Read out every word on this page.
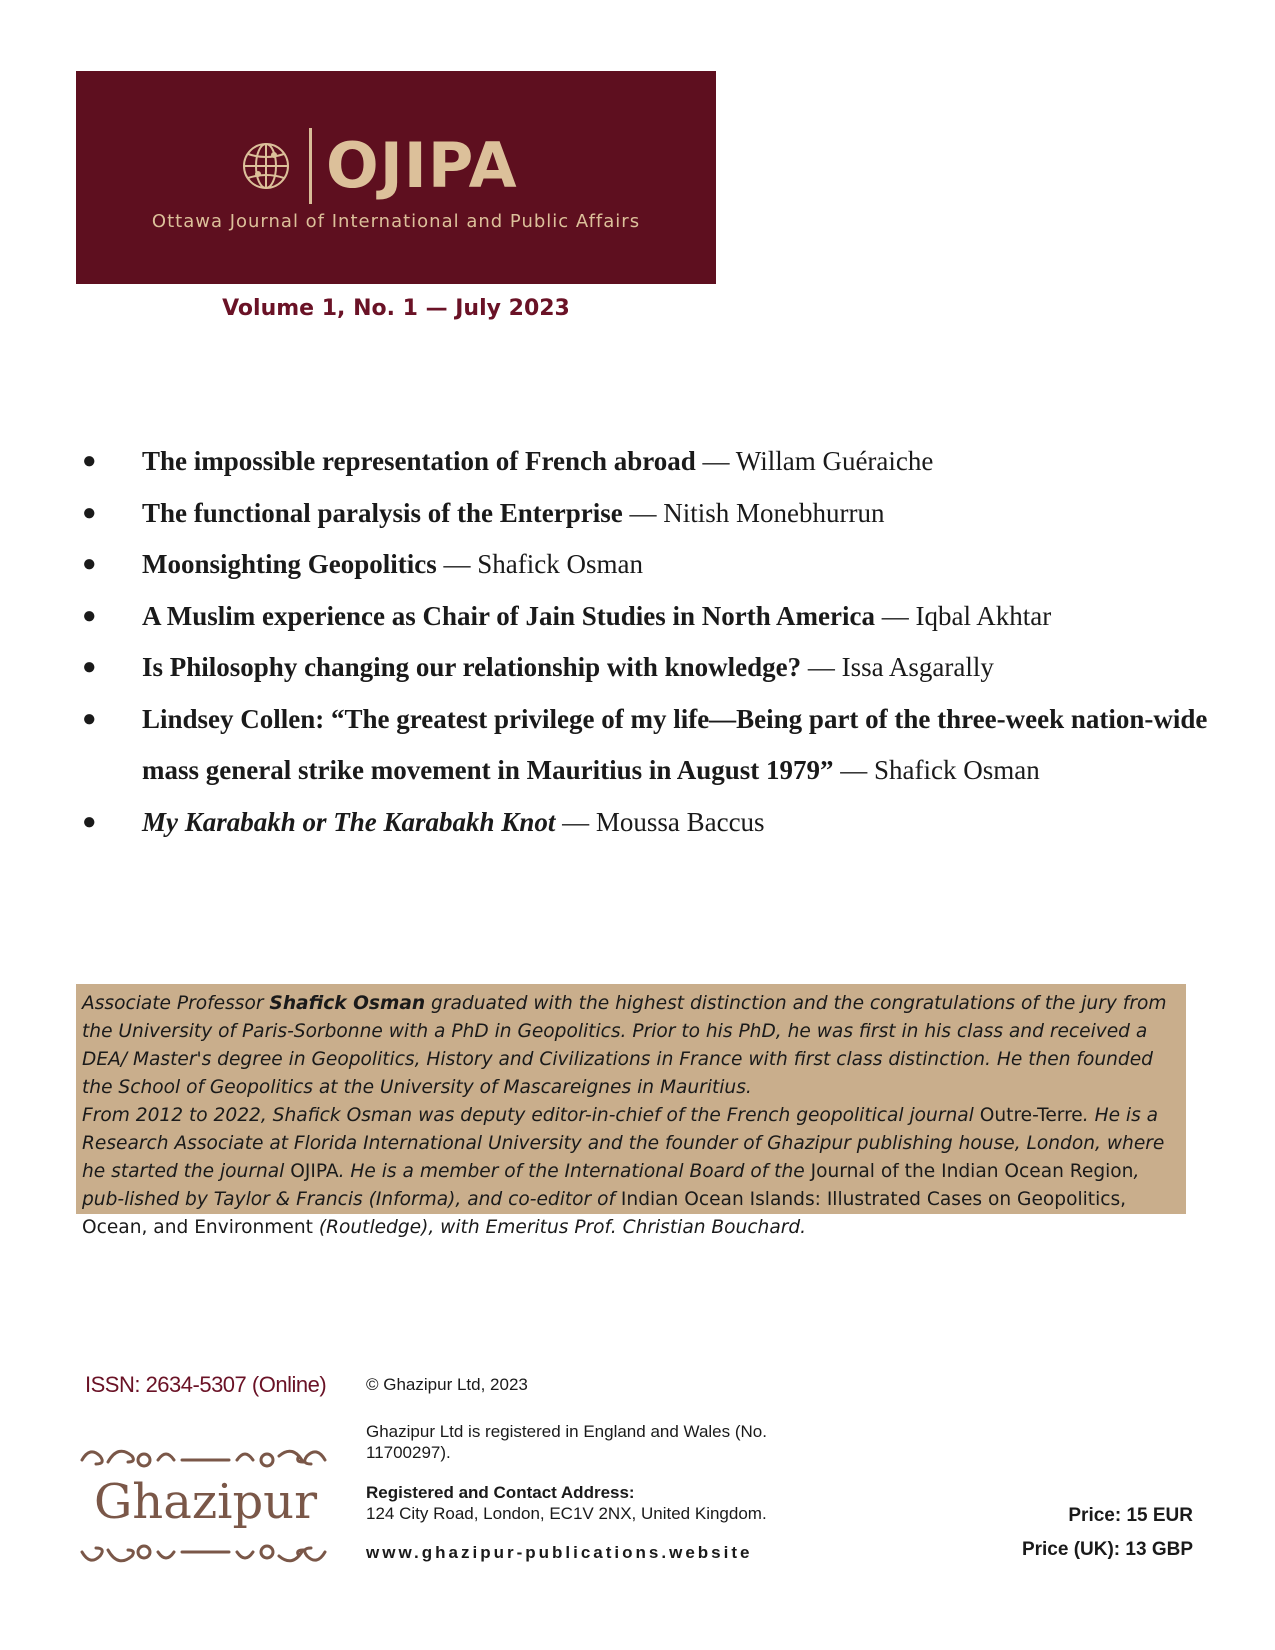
OJIPA
Ottawa Journal of International and Public Affairs
Volume 1, No. 1 — July 2023
● The impossible representation of French abroad — Willam Guéraiche
● The functional paralysis of the Enterprise — Nitish Monebhurrun
● Moonsighting Geopolitics — Shafick Osman
● A Muslim experience as Chair of Jain Studies in North America — Iqbal Akhtar
● Is Philosophy changing our relationship with knowledge? — Issa Asgarally
● Lindsey Collen: “The greatest privilege of my life—Being part of the three-week nation-wide mass general strike movement in Mauritius in August 1979” — Shafick Osman
● My Karabakh or The Karabakh Knot — Moussa Baccus
Associate Professor Shafick Osman graduated with the highest distinction and the congratulations of the jury from the University of Paris-Sorbonne with a PhD in Geopolitics. Prior to his PhD, he was first in his class and received a DEA/ Master's degree in Geopolitics, History and Civilizations in France with first class distinction. He then founded the School of Geopolitics at the University of Mascareignes in Mauritius.
From 2012 to 2022, Shafick Osman was deputy editor-in-chief of the French geopolitical journal Outre-Terre. He is a Research Associate at Florida International University and the founder of Ghazipur publishing house, London, where he started the journal OJIPA. He is a member of the International Board of the Journal of the Indian Ocean Region, pub-lished by Taylor & Francis (Informa), and co-editor of Indian Ocean Islands: Illustrated Cases on Geopolitics, Ocean, and Environment (Routledge), with Emeritus Prof. Christian Bouchard.
ISSN: 2634-5307 (Online)
Ghazipur
© Ghazipur Ltd, 2023
Ghazipur Ltd is registered in England and Wales (No. 11700297).
Registered and Contact Address:
124 City Road, London, EC1V 2NX, United Kingdom.
www.ghazipur-publications.website
Price: 15 EUR
Price (UK): 13 GBP
